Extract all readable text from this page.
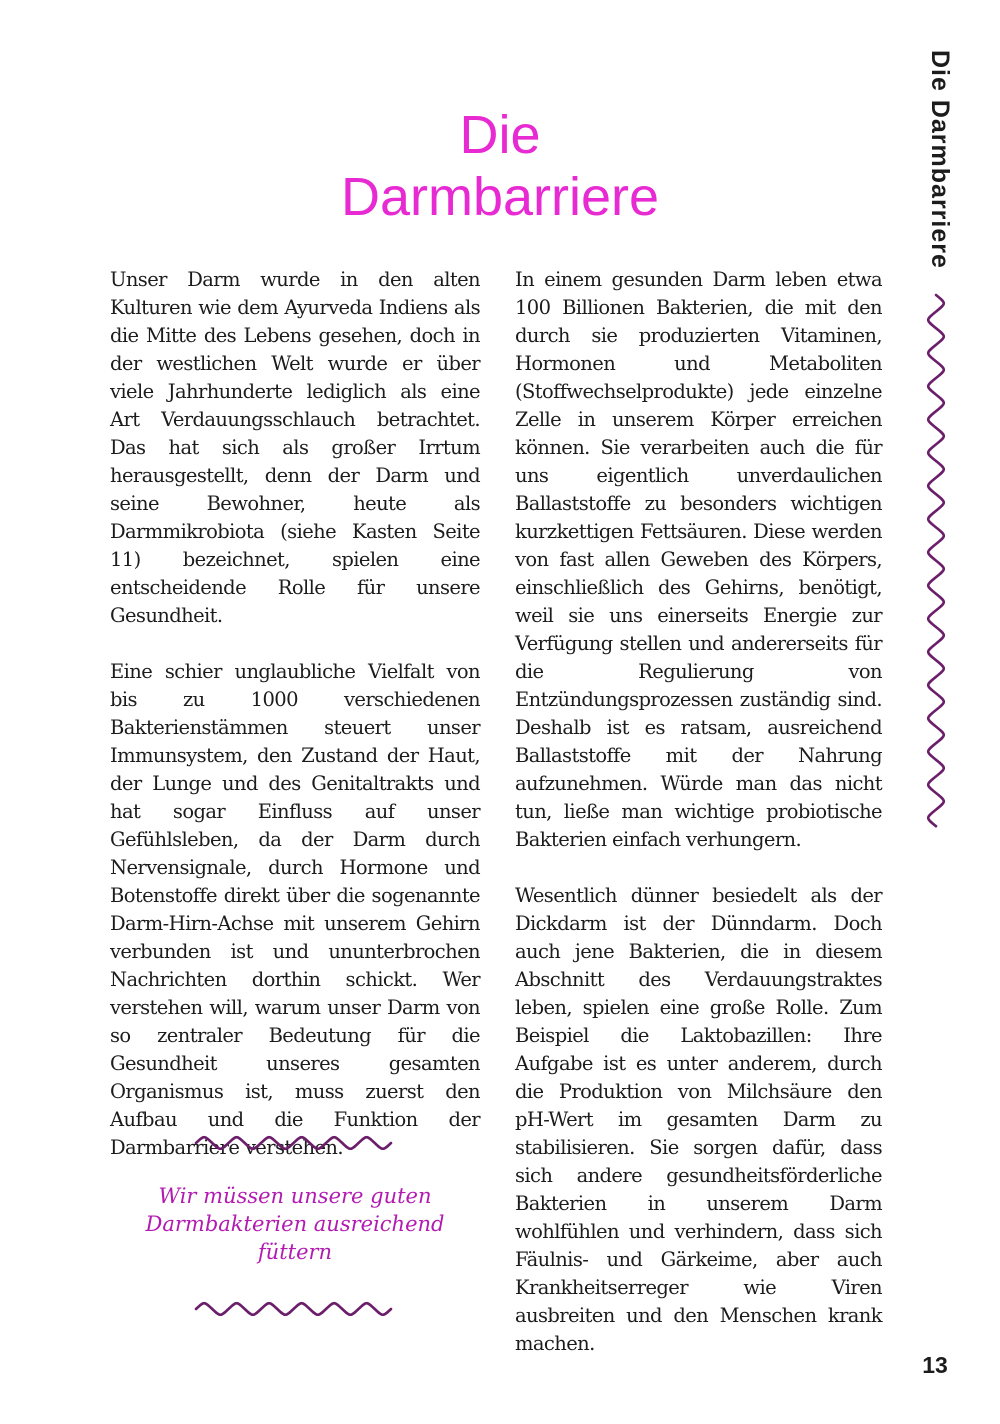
Die
Darmbarriere	Die Darmbarriere

Unser Darm wurde in den alten Kulturen wie dem Ayurveda Indiens als die Mitte des Lebens gesehen, doch in der westlichen Welt wurde er über viele Jahrhunderte lediglich als eine Art Verdauungsschlauch betrachtet. Das hat sich als großer Irrtum herausgestellt, denn der Darm und seine Bewohner, heute als Darmmikrobiota (siehe Kasten Seite 11) bezeichnet, spielen eine entscheidende Rolle für unsere Gesundheit.

Eine schier unglaubliche Vielfalt von bis zu 1000 verschiedenen Bakterienstämmen steuert unser Immunsystem, den Zustand der Haut, der Lunge und des Genitaltrakts und hat sogar Einfluss auf unser Gefühlsleben, da der Darm durch Nervensignale, durch Hormone und Botenstoffe direkt über die sogenannte Darm-Hirn-Achse mit unserem Gehirn verbunden ist und ununterbrochen Nachrichten dorthin schickt. Wer verstehen will, warum unser Darm von so zentraler Bedeutung für die Gesundheit unseres gesamten Organismus ist, muss zuerst den Aufbau und die Funktion der Darmbarriere verstehen.

Wir müssen unsere guten
Darmbakterien ausreichend
füttern

In einem gesunden Darm leben etwa 100 Billionen Bakterien, die mit den durch sie produzierten Vitaminen, Hormonen und Metaboliten (Stoffwechselprodukte) jede einzelne Zelle in unserem Körper erreichen können. Sie verarbeiten auch die für uns eigentlich unverdaulichen Ballaststoffe zu besonders wichtigen kurzkettigen Fettsäuren. Diese werden von fast allen Geweben des Körpers, einschließlich des Gehirns, benötigt, weil sie uns einerseits Energie zur Verfügung stellen und andererseits für die Regulierung von Entzündungsprozessen zuständig sind. Deshalb ist es ratsam, ausreichend Ballaststoffe mit der Nahrung aufzunehmen. Würde man das nicht tun, ließe man wichtige probiotische Bakterien einfach verhungern.

Wesentlich dünner besiedelt als der Dickdarm ist der Dünndarm. Doch auch jene Bakterien, die in diesem Abschnitt des Verdauungstraktes leben, spielen eine große Rolle. Zum Beispiel die Laktobazillen: Ihre Aufgabe ist es unter anderem, durch die Produktion von Milchsäure den pH-Wert im gesamten Darm zu stabilisieren. Sie sorgen dafür, dass sich andere gesundheitsförderliche Bakterien in unserem Darm wohlfühlen und verhindern, dass sich Fäulnis- und Gärkeime, aber auch Krankheitserreger wie Viren ausbreiten und den Menschen krank machen.

13
